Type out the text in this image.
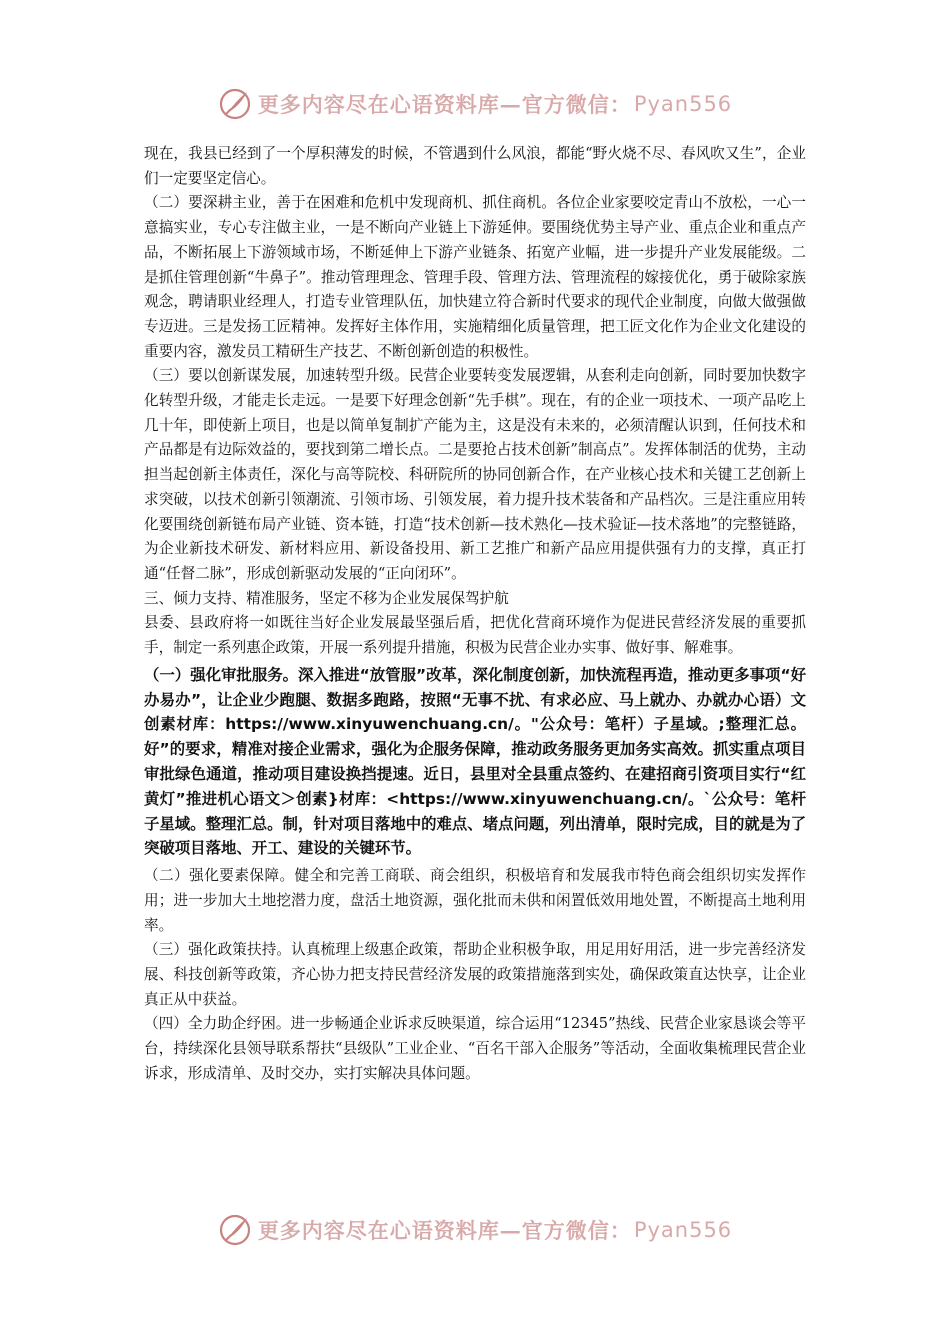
更多内容尽在心语资料库—官方微信： Pyan556

现在，我县已经到了一个厚积薄发的时候，不管遇到什么风浪，都能“野火烧不尽、春风吹又生”，企业们一定要坚定信心。

（二）要深耕主业，善于在困难和危机中发现商机、抓住商机。各位企业家要咬定青山不放松，一心一意搞实业，专心专注做主业，一是不断向产业链上下游延伸。要围绕优势主导产业、重点企业和重点产品，不断拓展上下游领域市场，不断延伸上下游产业链条、拓宽产业幅，进一步提升产业发展能级。二是抓住管理创新“牛鼻子”。推动管理理念、管理手段、管理方法、管理流程的嫁接优化，勇于破除家族观念，聘请职业经理人，打造专业管理队伍，加快建立符合新时代要求的现代企业制度，向做大做强做专迈进。三是发扬工匠精神。发挥好主体作用，实施精细化质量管理，把工匠文化作为企业文化建设的重要内容，激发员工精研生产技艺、不断创新创造的积极性。

（三）要以创新谋发展，加速转型升级。民营企业要转变发展逻辑，从套利走向创新，同时要加快数字化转型升级，才能走长走远。一是要下好理念创新“先手棋”。现在，有的企业一项技术、一项产品吃上几十年，即使新上项目，也是以简单复制扩产能为主，这是没有未来的，必须清醒认识到，任何技术和产品都是有边际效益的，要找到第二增长点。二是要抢占技术创新”制高点”。发挥体制活的优势，主动担当起创新主体责任，深化与高等院校、科研院所的协同创新合作，在产业核心技术和关键工艺创新上求突破，以技术创新引领潮流、引领市场、引领发展，着力提升技术装备和产品档次。三是注重应用转化要围绕创新链布局产业链、资本链，打造“技术创新—技术熟化—技术验证—技术落地”的完整链路，为企业新技术研发、新材料应用、新设备投用、新工艺推广和新产品应用提供强有力的支撑，真正打通“任督二脉”，形成创新驱动发展的“正向闭环”。

三、倾力支持、精准服务，坚定不移为企业发展保驾护航

县委、县政府将一如既往当好企业发展最坚强后盾，把优化营商环境作为促进民营经济发展的重要抓手，制定一系列惠企政策，开展一系列提升措施，积极为民营企业办实事、做好事、解难事。

（一）强化审批服务。深入推进“放管服”改革，深化制度创新，加快流程再造，推动更多事项“好办易办”，让企业少跑腿、数据多跑路，按照“无事不扰、有求必应、马上就办、办就办心语）文创素材库：https://www.xinyuwenchuang.cn/。"公众号：笔杆）子星域。;整理汇总。好”的要求，精准对接企业需求，强化为企服务保障，推动政务服务更加务实高效。抓实重点项目审批绿色通道，推动项目建设换挡提速。近日，县里对全县重点签约、在建招商引资项目实行“红黄灯”推进机心语文＞创素}材库：<https://www.xinyuwenchuang.cn/。`公众号：笔杆子星域。整理汇总。制，针对项目落地中的难点、堵点问题，列出清单，限时完成，目的就是为了突破项目落地、开工、建设的关键环节。

（二）强化要素保障。健全和完善工商联、商会组织，积极培育和发展我市特色商会组织切实发挥作用；进一步加大土地挖潜力度，盘活土地资源，强化批而未供和闲置低效用地处置，不断提高土地利用率。

（三）强化政策扶持。认真梳理上级惠企政策，帮助企业积极争取，用足用好用活，进一步完善经济发展、科技创新等政策，齐心协力把支持民营经济发展的政策措施落到实处，确保政策直达快享，让企业真正从中获益。

（四）全力助企纾困。进一步畅通企业诉求反映渠道，综合运用“12345”热线、民营企业家恳谈会等平台，持续深化县领导联系帮扶“县级队”工业企业、“百名干部入企服务”等活动，全面收集梳理民营企业诉求，形成清单、及时交办，实打实解决具体问题。

更多内容尽在心语资料库—官方微信： Pyan556
